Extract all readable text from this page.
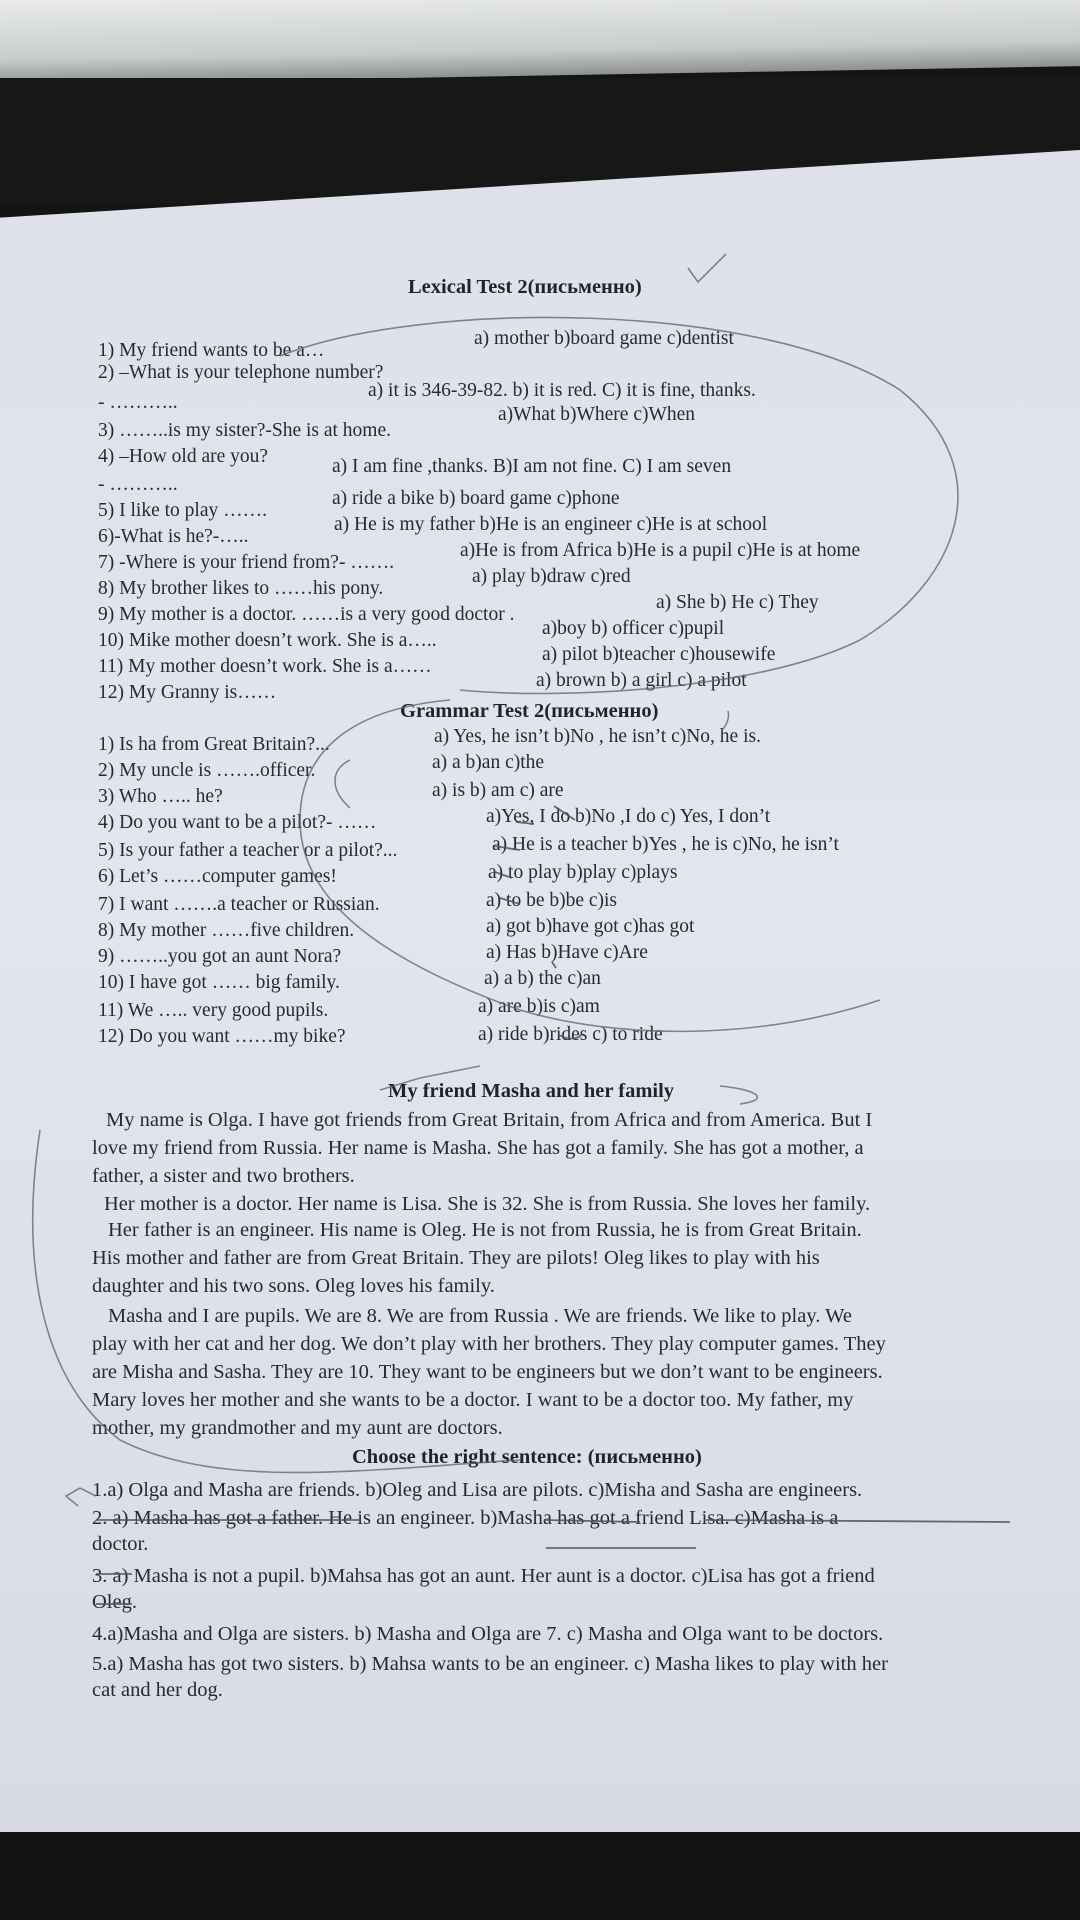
Lexical Test 2(письменно)
1) My friend wants to be a…
a) mother b)board game c)dentist
2) –What is your telephone number?
- ………..
a) it is 346-39-82. b) it is red. C) it is fine, thanks.
3) ……..is my sister?-She is at home.
a)What b)Where c)When
4) –How old are you?
- ………..
a) I am fine ,thanks. B)I am not fine. C) I am seven
5) I like to play …….
a) ride a bike b) board game c)phone
6)-What is he?-…..
a) He is my father b)He is an engineer c)He is at school
7) -Where is your friend from?- …….
a)He is from Africa b)He is a pupil c)He is at home
8) My brother likes to ……his pony.
a) play b)draw c)red
9) My mother is a doctor. ……is a very good doctor .
a) She b) He c) They
10) Mike mother doesn’t work. She is a…..
a)boy b) officer c)pupil
11) My mother doesn’t work. She is a……
a) pilot b)teacher c)housewife
12) My Granny is……
a) brown b) a girl c) a pilot
Grammar Test 2(письменно)
1) Is ha from Great Britain?...	a) Yes, he isn’t b)No , he isn’t c)No, he is.
2) My uncle is …….officer.	a) a b)an c)the
3) Who ….. he?	a) is b) am c) are
4) Do you want to be a pilot?- ……	a)Yes, I do b)No ,I do c) Yes, I don’t
5) Is your father a teacher or a pilot?...	a) He is a teacher b)Yes , he is c)No, he isn’t
6) Let’s ……computer games!	a) to play b)play c)plays
7) I want …….a teacher or Russian.	a) to be b)be c)is
8) My mother ……five children.	a) got b)have got c)has got
9) ……..you got an aunt Nora?	a) Has b)Have c)Are
10) I have got …… big family.	a) a b) the c)an
11) We ….. very good pupils.	a) are b)is c)am
12) Do you want ……my bike?	a) ride b)rides c) to ride
My friend Masha and her family
My name is Olga. I have got friends from Great Britain, from Africa and from America. But I
love my friend from Russia. Her name is Masha. She has got a family. She has got a mother, a
father, a sister and two brothers.
Her mother is a doctor. Her name is Lisa. She is 32. She is from Russia. She loves her family.
Her father is an engineer. His name is Oleg. He is not from Russia, he is from Great Britain.
His mother and father are from Great Britain. They are pilots! Oleg likes to play with his
daughter and his two sons. Oleg loves his family.
Masha and I are pupils. We are 8. We are from Russia . We are friends. We like to play. We
play with her cat and her dog. We don’t play with her brothers. They play computer games. They
are Misha and Sasha. They are 10. They want to be engineers but we don’t want to be engineers.
Mary loves her mother and she wants to be a doctor. I want to be a doctor too. My father, my
mother, my grandmother and my aunt are doctors.
Choose the right sentence: (письменно)
1.a) Olga and Masha are friends. b)Oleg and Lisa are pilots. c)Misha and Sasha are engineers.
2. a) Masha has got a father. He is an engineer. b)Masha has got a friend Lisa. c)Masha is a
doctor.
3. a) Masha is not a pupil. b)Mahsa has got an aunt. Her aunt is a doctor. c)Lisa has got a friend
Oleg.
4.a)Masha and Olga are sisters. b) Masha and Olga are 7. c) Masha and Olga want to be doctors.
5.a) Masha has got two sisters. b) Mahsa wants to be an engineer. c) Masha likes to play with her
cat and her dog.
